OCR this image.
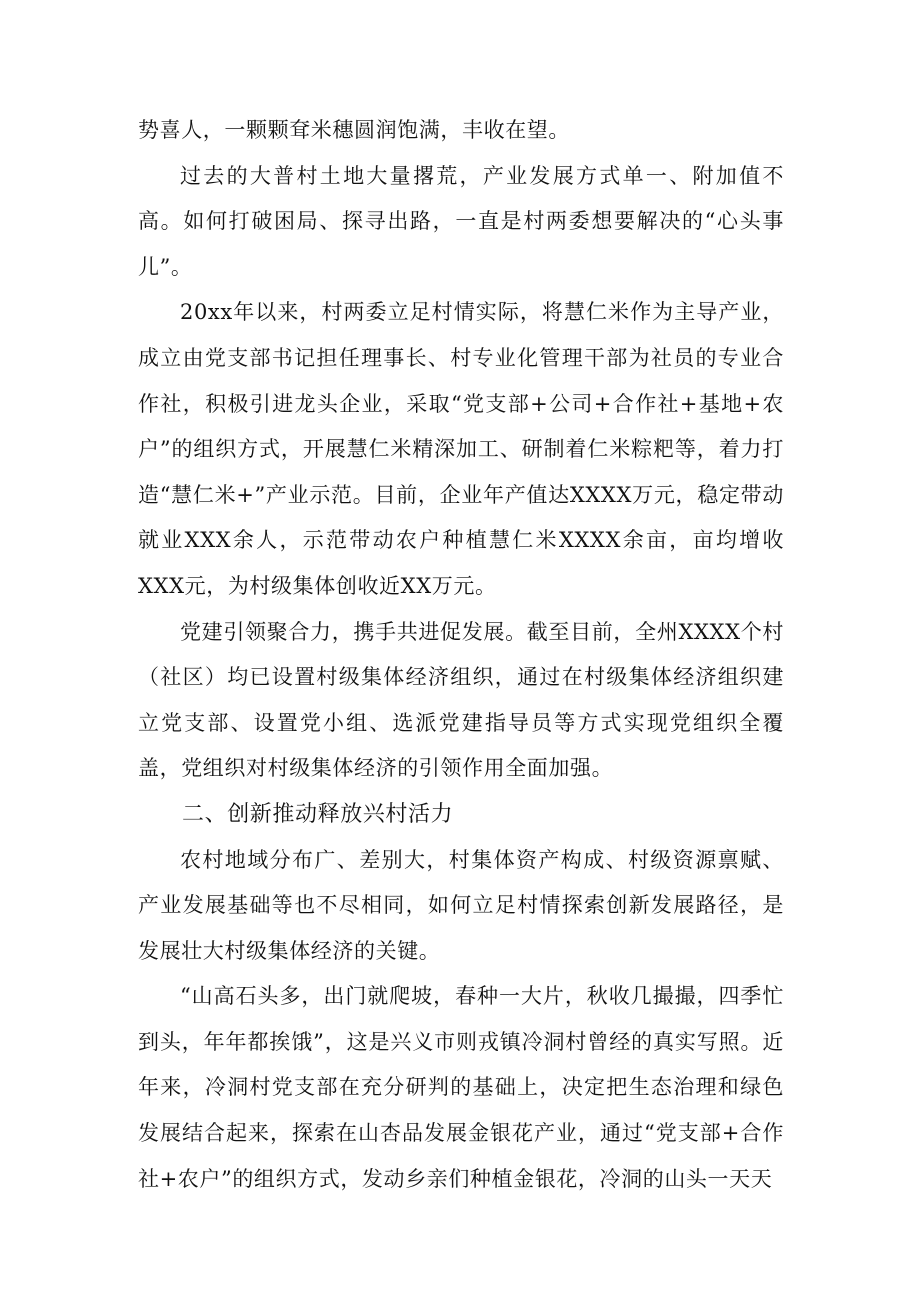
势喜人，一颗颗耷米穗圆润饱满，丰收在望。

过去的大普村土地大量撂荒，产业发展方式单一、附加值不高。如何打破困局、探寻出路，一直是村两委想要解决的“心头事儿”。

20xx年以来，村两委立足村情实际，将慧仁米作为主导产业，成立由党支部书记担任理事长、村专业化管理干部为社员的专业合作社，积极引进龙头企业，采取“党支部+公司+合作社+基地+农户”的组织方式，开展慧仁米精深加工、研制着仁米粽粑等，着力打造“慧仁米+”产业示范。目前，企业年产值达XXXX万元，稳定带动就业XXX余人，示范带动农户种植慧仁米XXXX余亩，亩均增收XXX元，为村级集体创收近XX万元。

党建引领聚合力，携手共进促发展。截至目前，全州XXXX个村（社区）均已设置村级集体经济组织，通过在村级集体经济组织建立党支部、设置党小组、选派党建指导员等方式实现党组织全覆盖，党组织对村级集体经济的引领作用全面加强。

二、创新推动释放兴村活力

农村地域分布广、差别大，村集体资产构成、村级资源禀赋、产业发展基础等也不尽相同，如何立足村情探索创新发展路径，是发展壮大村级集体经济的关键。

“山高石头多，出门就爬坡，春种一大片，秋收几撮撮，四季忙到头，年年都挨饿”，这是兴义市则戎镇冷洞村曾经的真实写照。近年来，冷洞村党支部在充分研判的基础上，决定把生态治理和绿色发展结合起来，探索在山杏品发展金银花产业，通过“党支部+合作社+农户”的组织方式，发动乡亲们种植金银花，冷洞的山头一天天
